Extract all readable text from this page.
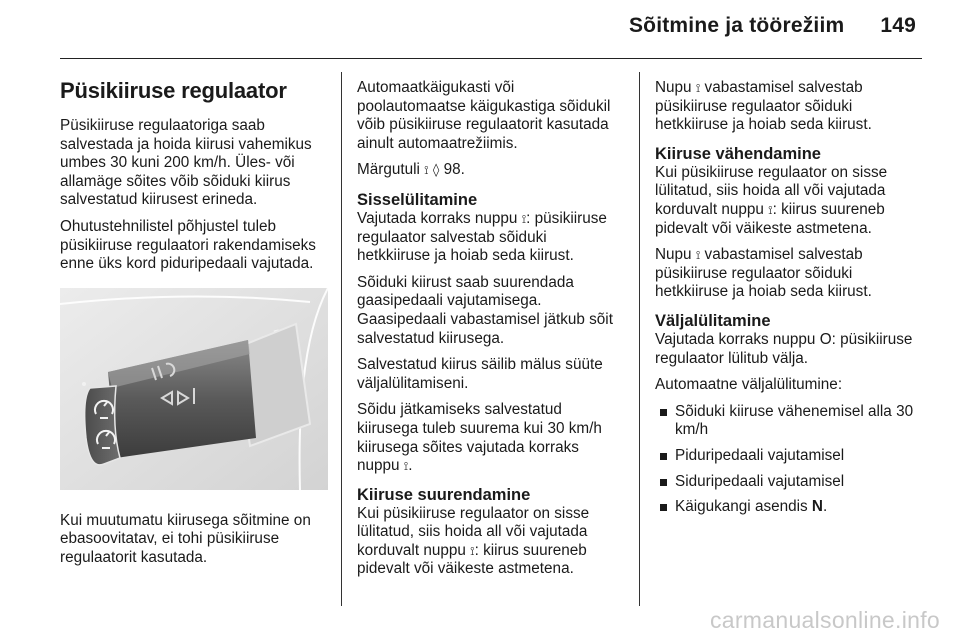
Sõitmine ja töörežiim 149
Püsikiiruse regulaator

Püsikiiruse regulaatoriga saab salvestada ja hoida kiirusi vahemikus umbes 30 kuni 200 km/h. Üles- või allamäge sõites võib sõiduki kiirus salvestatud kiirusest erineda.

Ohutustehnilistel põhjustel tuleb püsikiiruse regulaatori rakendamiseks enne üks kord piduripedaali vajutada.

Kui muutumatu kiirusega sõitmine on ebasoovitatav, ei tohi püsikiiruse regulaatorit kasutada.

Automaatkäigukasti või poolautomaatse käigukastiga sõidukil võib püsikiiruse regulaatorit kasutada ainult automaatrežiimis.

Märgutuli ⟟ ◊ 98.

Sisselülitamine

Vajutada korraks nuppu ⟟: püsikiiruse regulaator salvestab sõiduki hetkkiiruse ja hoiab seda kiirust.

Sõiduki kiirust saab suurendada gaasipedaali vajutamisega. Gaasipedaali vabastamisel jätkub sõit salvestatud kiirusega.

Salvestatud kiirus säilib mälus süüte väljalülitamiseni.

Sõidu jätkamiseks salvestatud kiirusega tuleb suurema kui 30 km/h kiirusega sõites vajutada korraks nuppu ⟟.

Kiiruse suurendamine

Kui püsikiiruse regulaator on sisse lülitatud, siis hoida all või vajutada korduvalt nuppu ⟟: kiirus suureneb pidevalt või väikeste astmetena.

Nupu ⟟ vabastamisel salvestab püsikiiruse regulaator sõiduki hetkkiiruse ja hoiab seda kiirust.

Kiiruse vähendamine

Kui püsikiiruse regulaator on sisse lülitatud, siis hoida all või vajutada korduvalt nuppu ⟟: kiirus suureneb pidevalt või väikeste astmetena.

Nupu ⟟ vabastamisel salvestab püsikiiruse regulaator sõiduki hetkkiiruse ja hoiab seda kiirust.

Väljalülitamine

Vajutada korraks nuppu O: püsikiiruse regulaator lülitub välja.

Automaatne väljalülitumine:

Sõiduki kiiruse vähenemisel alla 30 km/h
Piduripedaali vajutamisel
Siduripedaali vajutamisel
Käigukangi asendis N.
carmanualsonline.info
